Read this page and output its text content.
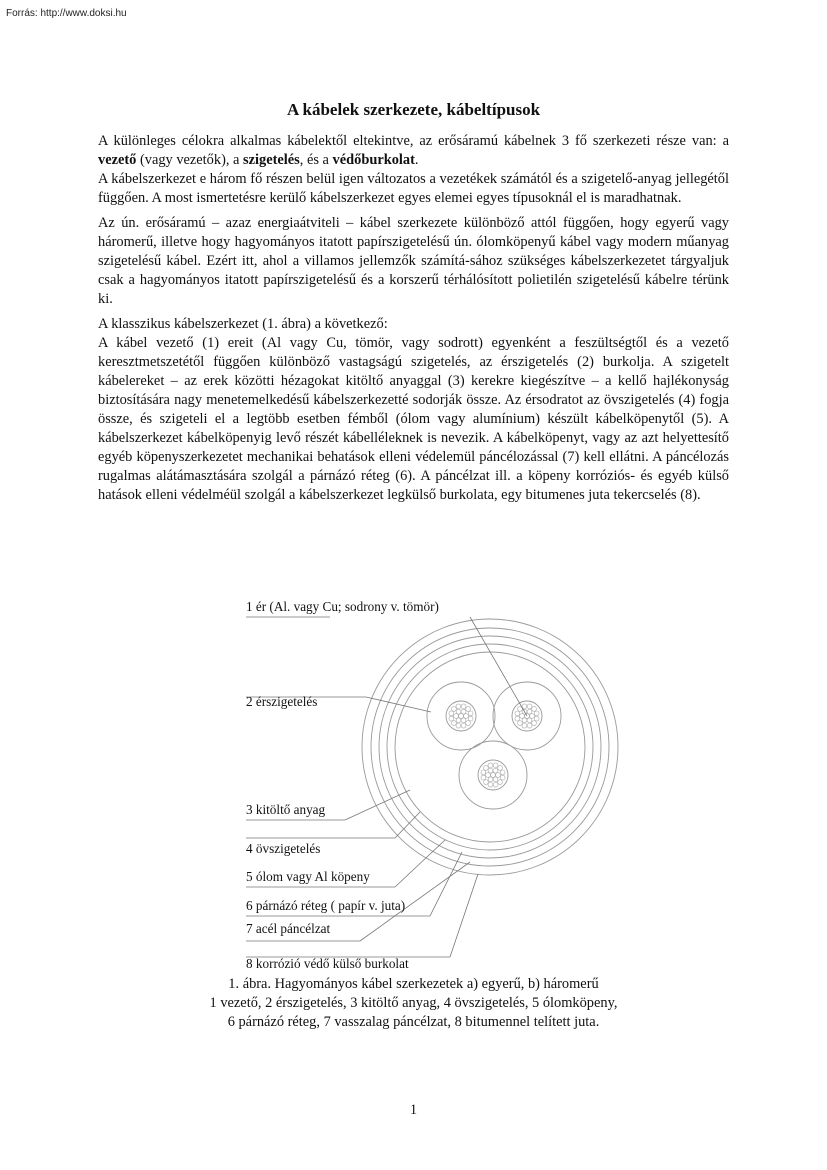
Forrás: http://www.doksi.hu
A kábelek szerkezete, kábeltípusok

A különleges célokra alkalmas kábelektől eltekintve, az erősáramú kábelnek 3 fő szerkezeti része van: a vezető (vagy vezetők), a szigetelés, és a védőburkolat.

A kábelszerkezet e három fő részen belül igen változatos a vezetékek számától és a szigetelő-anyag jellegétől függően. A most ismertetésre kerülő kábelszerkezet egyes elemei egyes típusoknál el is maradhatnak.

Az ún. erősáramú – azaz energiaátviteli – kábel szerkezete különböző attól függően, hogy egyerű vagy háromerű, illetve hogy hagyományos itatott papírszigetelésű ún. ólomköpenyű kábel vagy modern műanyag szigetelésű kábel. Ezért itt, ahol a villamos jellemzők számítá-sához szükséges kábelszerkezetet tárgyaljuk csak a hagyományos itatott papírszigetelésű és a korszerű térhálósított polietilén szigetelésű kábelre térünk ki.

A klasszikus kábelszerkezet (1. ábra) a következő:

A kábel vezető (1) ereit (Al vagy Cu, tömör, vagy sodrott) egyenként a feszültségtől és a vezető keresztmetszetétől függően különböző vastagságú szigetelés, az érszigetelés (2) burkolja. A szigetelt kábelereket – az erek közötti hézagokat kitöltő anyaggal (3) kerekre kiegészítve – a kellő hajlékonyság biztosítására nagy menetemelkedésű kábelszerkezetté sodorják össze. Az érsodratot az övszigetelés (4) fogja össze, és szigeteli el a legtöbb esetben fémből (ólom vagy alumínium) készült kábelköpenytől (5). A kábelszerkezet kábelköpenyig levő részét kábelléleknek is nevezik. A kábelköpenyt, vagy az azt helyettesítő egyéb köpenyszerkezetet mechanikai behatások elleni védelemül páncélozással (7) kell ellátni. A páncélozás rugalmas alátámasztására szolgál a párnázó réteg (6). A páncélzat ill. a köpeny korróziós- és egyéb külső hatások elleni védelméül szolgál a kábelszerkezet legkülső burkolata, egy bitumenes juta tekercselés (8).

1 ér (Al. vagy Cu; sodrony v. tömör)
2 érszigetelés
3 kitöltő anyag
4 övszigetelés
5 ólom vagy Al köpeny
6 párnázó réteg ( papír v. juta)
7 acél páncélzat
8 korrózió védő külső burkolat
1. ábra. Hagyományos kábel szerkezetek a) egyerű, b) háromerű
1 vezető, 2 érszigetelés, 3 kitöltő anyag, 4 övszigetelés, 5 ólomköpeny,
6 párnázó réteg, 7 vasszalag páncélzat, 8 bitumennel telített juta.
1
